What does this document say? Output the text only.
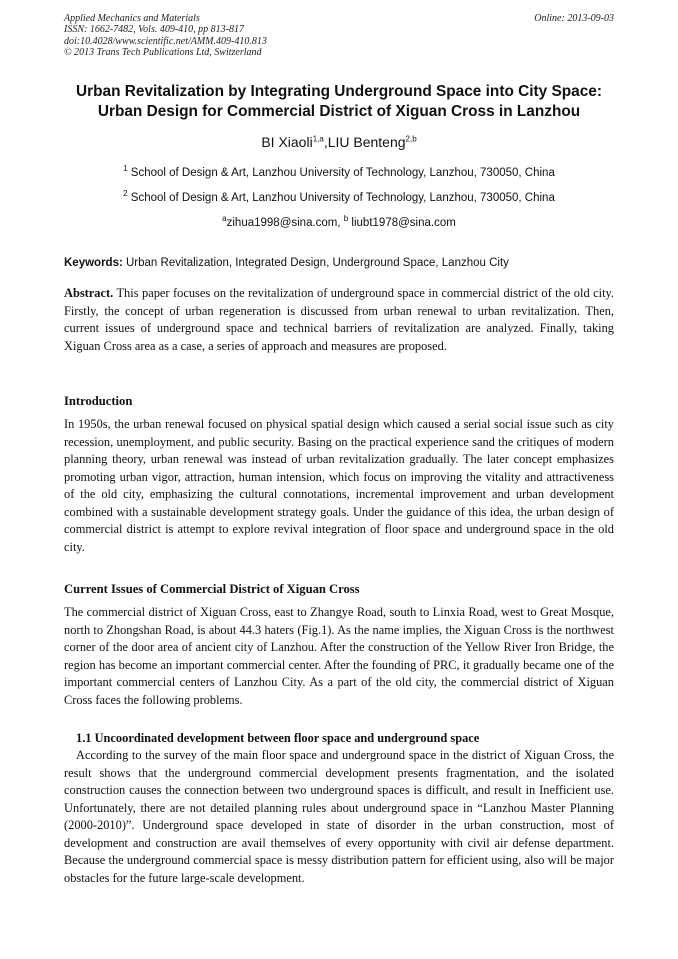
Applied Mechanics and Materials
ISSN: 1662-7482, Vols. 409-410, pp 813-817
doi:10.4028/www.scientific.net/AMM.409-410.813
© 2013 Trans Tech Publications Ltd, Switzerland
Online: 2013-09-03
Urban Revitalization by Integrating Underground Space into City Space:
Urban Design for Commercial District of Xiguan Cross in Lanzhou
BI Xiaoli$^{1,a}$,LIU Benteng$^{2,b}$
$^1$ School of Design & Art, Lanzhou University of Technology, Lanzhou, 730050, China
$^2$ School of Design & Art, Lanzhou University of Technology, Lanzhou, 730050, China
$^a$zihua1998@sina.com, $^b$ liubt1978@sina.com
Keywords: Urban Revitalization, Integrated Design, Underground Space, Lanzhou City

Abstract. This paper focuses on the revitalization of underground space in commercial district of the old city. Firstly, the concept of urban regeneration is discussed from urban renewal to urban revitalization. Then, current issues of underground space and technical barriers of revitalization are analyzed. Finally, taking Xiguan Cross area as a case, a series of approach and measures are proposed.

Introduction

In 1950s, the urban renewal focused on physical spatial design which caused a serial social issue such as city recession, unemployment, and public security. Basing on the practical experience sand the critiques of modern planning theory, urban renewal was instead of urban revitalization gradually. The later concept emphasizes promoting urban vigor, attraction, human intension, which focus on improving the vitality and attractiveness of the old city, emphasizing the cultural connotations, incremental improvement and urban development combined with a sustainable development strategy goals. Under the guidance of this idea, the urban design of commercial district is attempt to explore revival integration of floor space and underground space in the old city.

Current Issues of Commercial District of Xiguan Cross

The commercial district of Xiguan Cross, east to Zhangye Road, south to Linxia Road, west to Great Mosque, north to Zhongshan Road, is about 44.3 haters (Fig.1). As the name implies, the Xiguan Cross is the northwest corner of the door area of ancient city of Lanzhou. After the construction of the Yellow River Iron Bridge, the region has become an important commercial center. After the founding of PRC, it gradually became one of the important commercial centers of Lanzhou City. As a part of the old city, the commercial district of Xiguan Cross faces the following problems.

1.1 Uncoordinated development between floor space and underground space

According to the survey of the main floor space and underground space in the district of Xiguan Cross, the result shows that the underground commercial development presents fragmentation, and the isolated construction causes the connection between two underground spaces is difficult, and result in Inefficient use. Unfortunately, there are not detailed planning rules about underground space in “Lanzhou Master Planning (2000-2010)”. Underground space developed in state of disorder in the urban construction, most of development and construction are avail themselves of every opportunity with civil air defense department. Because the underground commercial space is messy distribution pattern for efficient using, also will be major obstacles for the future large-scale development.
